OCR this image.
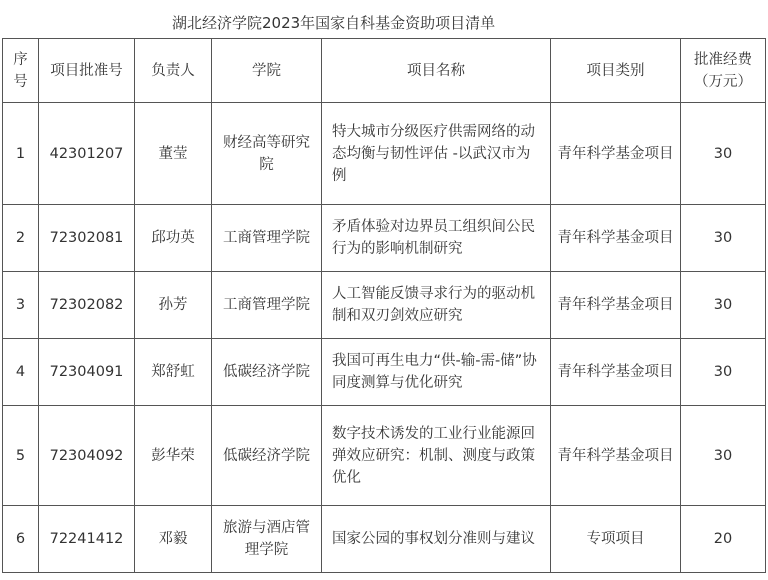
湖北经济学院2023年国家自科基金资助项目清单
序号	项目批准号	负责人	学院	项目名称	项目类别	批准经费（万元）
1	42301207	董莹	财经高等研究院	特大城市分级医疗供需网络的动态均衡与韧性评估 -以武汉市为例	青年科学基金项目	30
2	72302081	邱功英	工商管理学院	矛盾体验对边界员工组织间公民行为的影响机制研究	青年科学基金项目	30
3	72302082	孙芳	工商管理学院	人工智能反馈寻求行为的驱动机制和双刃剑效应研究	青年科学基金项目	30
4	72304091	郑舒虹	低碳经济学院	我国可再生电力“供-输-需-储”协同度测算与优化研究	青年科学基金项目	30
5	72304092	彭华荣	低碳经济学院	数字技术诱发的工业行业能源回弹效应研究：机制、测度与政策优化	青年科学基金项目	30
6	72241412	邓毅	旅游与酒店管理学院	国家公园的事权划分准则与建议	专项项目	20
